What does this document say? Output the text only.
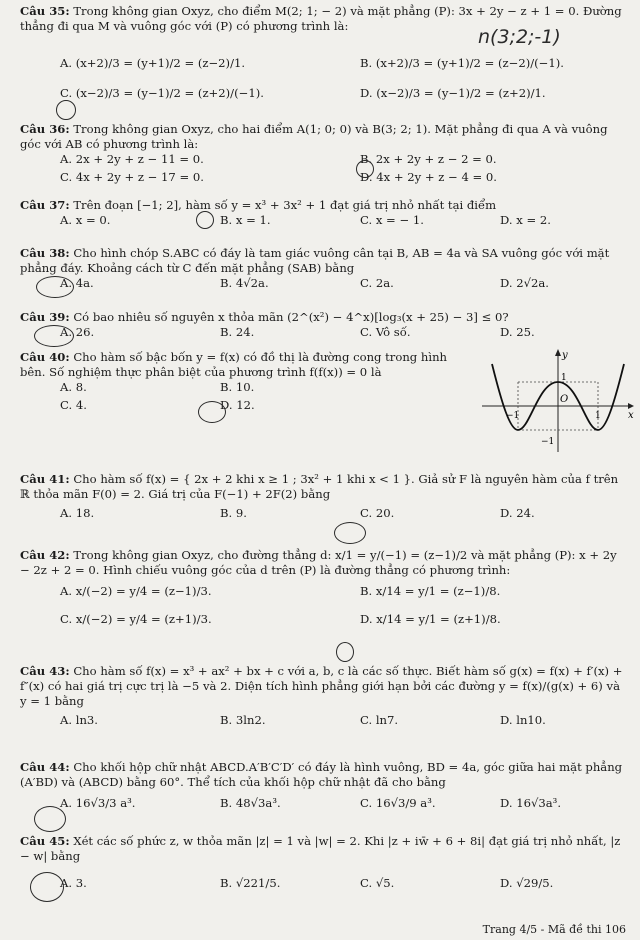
Câu 35: Trong không gian Oxyz, cho điểm M(2; 1; − 2) và mặt phẳng (P): 3x + 2y − z + 1 = 0. Đường thẳng đi qua M và vuông góc với (P) có phương trình là:
A. (x+2)/3 = (y+1)/2 = (z−2)/1.	B. (x+2)/3 = (y+1)/2 = (z−2)/(−1).
C. (x−2)/3 = (y−1)/2 = (z+2)/(−1).	D. (x−2)/3 = (y−1)/2 = (z+2)/1.
n(3;2;-1)
Câu 36: Trong không gian Oxyz, cho hai điểm A(1; 0; 0) và B(3; 2; 1). Mặt phẳng đi qua A và vuông góc với AB có phương trình là:
A. 2x + 2y + z − 11 = 0.	B. 2x + 2y + z − 2 = 0.
C. 4x + 2y + z − 17 = 0.	D. 4x + 2y + z − 4 = 0.
Câu 37: Trên đoạn [−1; 2], hàm số y = x³ + 3x² + 1 đạt giá trị nhỏ nhất tại điểm
A. x = 0.	B. x = 1.	C. x = − 1.	D. x = 2.
Câu 38: Cho hình chóp S.ABC có đáy là tam giác vuông cân tại B, AB = 4a và SA vuông góc với mặt phẳng đáy. Khoảng cách từ C đến mặt phẳng (SAB) bằng
A. 4a.	B. 4√2a.	C. 2a.	D. 2√2a.
Câu 39: Có bao nhiêu số nguyên x thỏa mãn (2^(x²) − 4^x)[log₃(x + 25) − 3] ≤ 0?
A. 26.	B. 24.	C. Vô số.	D. 25.
Câu 40: Cho hàm số bậc bốn y = f(x) có đồ thị là đường cong trong hình bên. Số nghiệm thực phân biệt của phương trình f(f(x)) = 0 là
A. 8.	B. 10.
C. 4.	D. 12.
y
x
O
−1	1
1
−1
Câu 41: Cho hàm số f(x) = { 2x + 2 khi x ≥ 1 ; 3x² + 1 khi x < 1 }. Giả sử F là nguyên hàm của f trên ℝ thỏa mãn F(0) = 2. Giá trị của F(−1) + 2F(2) bằng
A. 18.	B. 9.	C. 20.	D. 24.
Câu 42: Trong không gian Oxyz, cho đường thẳng d: x/1 = y/(−1) = (z−1)/2 và mặt phẳng (P): x + 2y − 2z + 2 = 0. Hình chiếu vuông góc của d trên (P) là đường thẳng có phương trình:
A. x/(−2) = y/4 = (z−1)/3.	B. x/14 = y/1 = (z−1)/8.
C. x/(−2) = y/4 = (z+1)/3.	D. x/14 = y/1 = (z+1)/8.
Câu 43: Cho hàm số f(x) = x³ + ax² + bx + c với a, b, c là các số thực. Biết hàm số g(x) = f(x) + f′(x) + f″(x) có hai giá trị cực trị là −5 và 2. Diện tích hình phẳng giới hạn bởi các đường y = f(x)/(g(x) + 6) và y = 1 bằng
A. ln3.	B. 3ln2.	C. ln7.	D. ln10.
Câu 44: Cho khối hộp chữ nhật ABCD.A′B′C′D′ có đáy là hình vuông, BD = 4a, góc giữa hai mặt phẳng (A′BD) và (ABCD) bằng 60°. Thể tích của khối hộp chữ nhật đã cho bằng
A. 16√3/3 a³.	B. 48√3a³.	C. 16√3/9 a³.	D. 16√3a³.
Câu 45: Xét các số phức z, w thỏa mãn |z| = 1 và |w| = 2. Khi |z + iw̄ + 6 + 8i| đạt giá trị nhỏ nhất, |z − w| bằng
A. 3.	B. √221/5.	C. √5.	D. √29/5.
Trang 4/5 - Mã đề thi 106
